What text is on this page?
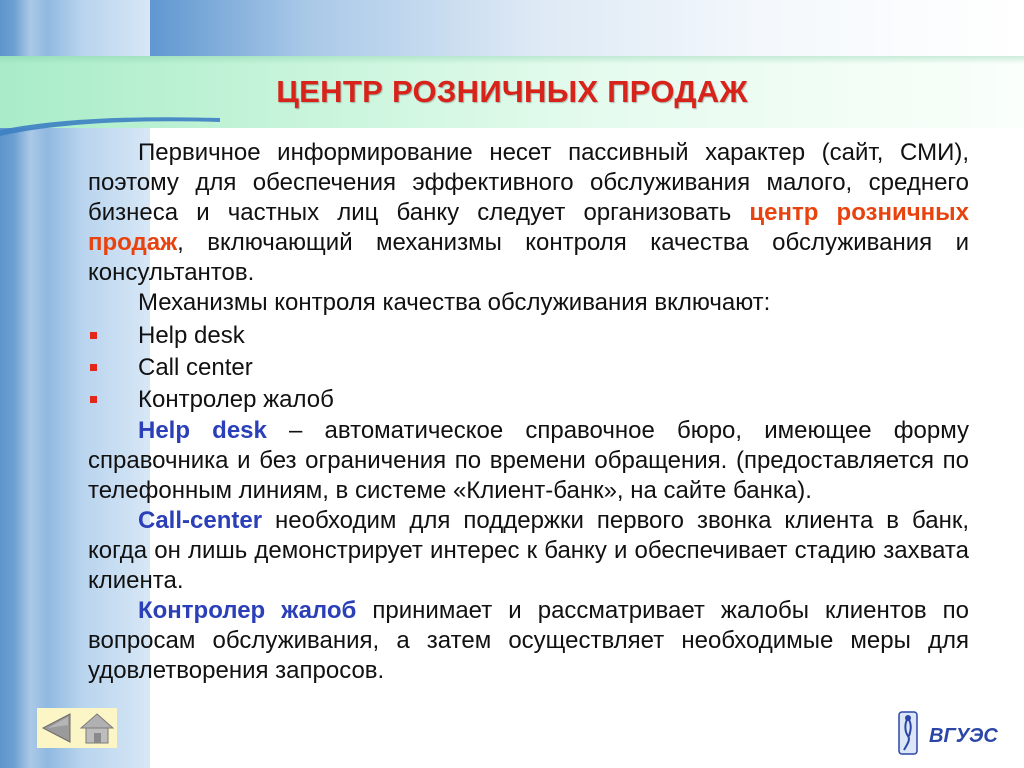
ЦЕНТР РОЗНИЧНЫХ ПРОДАЖ

Первичное информирование несет пассивный характер (сайт, СМИ), поэтому для обеспечения эффективного обслуживания малого, среднего бизнеса и частных лиц банку следует организовать центр розничных продаж, включающий механизмы контроля качества обслуживания и консультантов.

Механизмы контроля качества обслуживания включают:

Help desk
Call center
Контролер жалоб

Help desk – автоматическое справочное бюро, имеющее форму справочника и без ограничения по времени обращения. (предоставляется по телефонным линиям, в системе «Клиент-банк», на сайте банка).

Call-center необходим для поддержки первого звонка клиента в банк, когда он лишь демонстрирует интерес к банку и обеспечивает стадию захвата клиента.

Контролер жалоб принимает и рассматривает жалобы клиентов по вопросам обслуживания, а затем осуществляет необходимые меры для удовлетворения запросов.

ВГУЭС
